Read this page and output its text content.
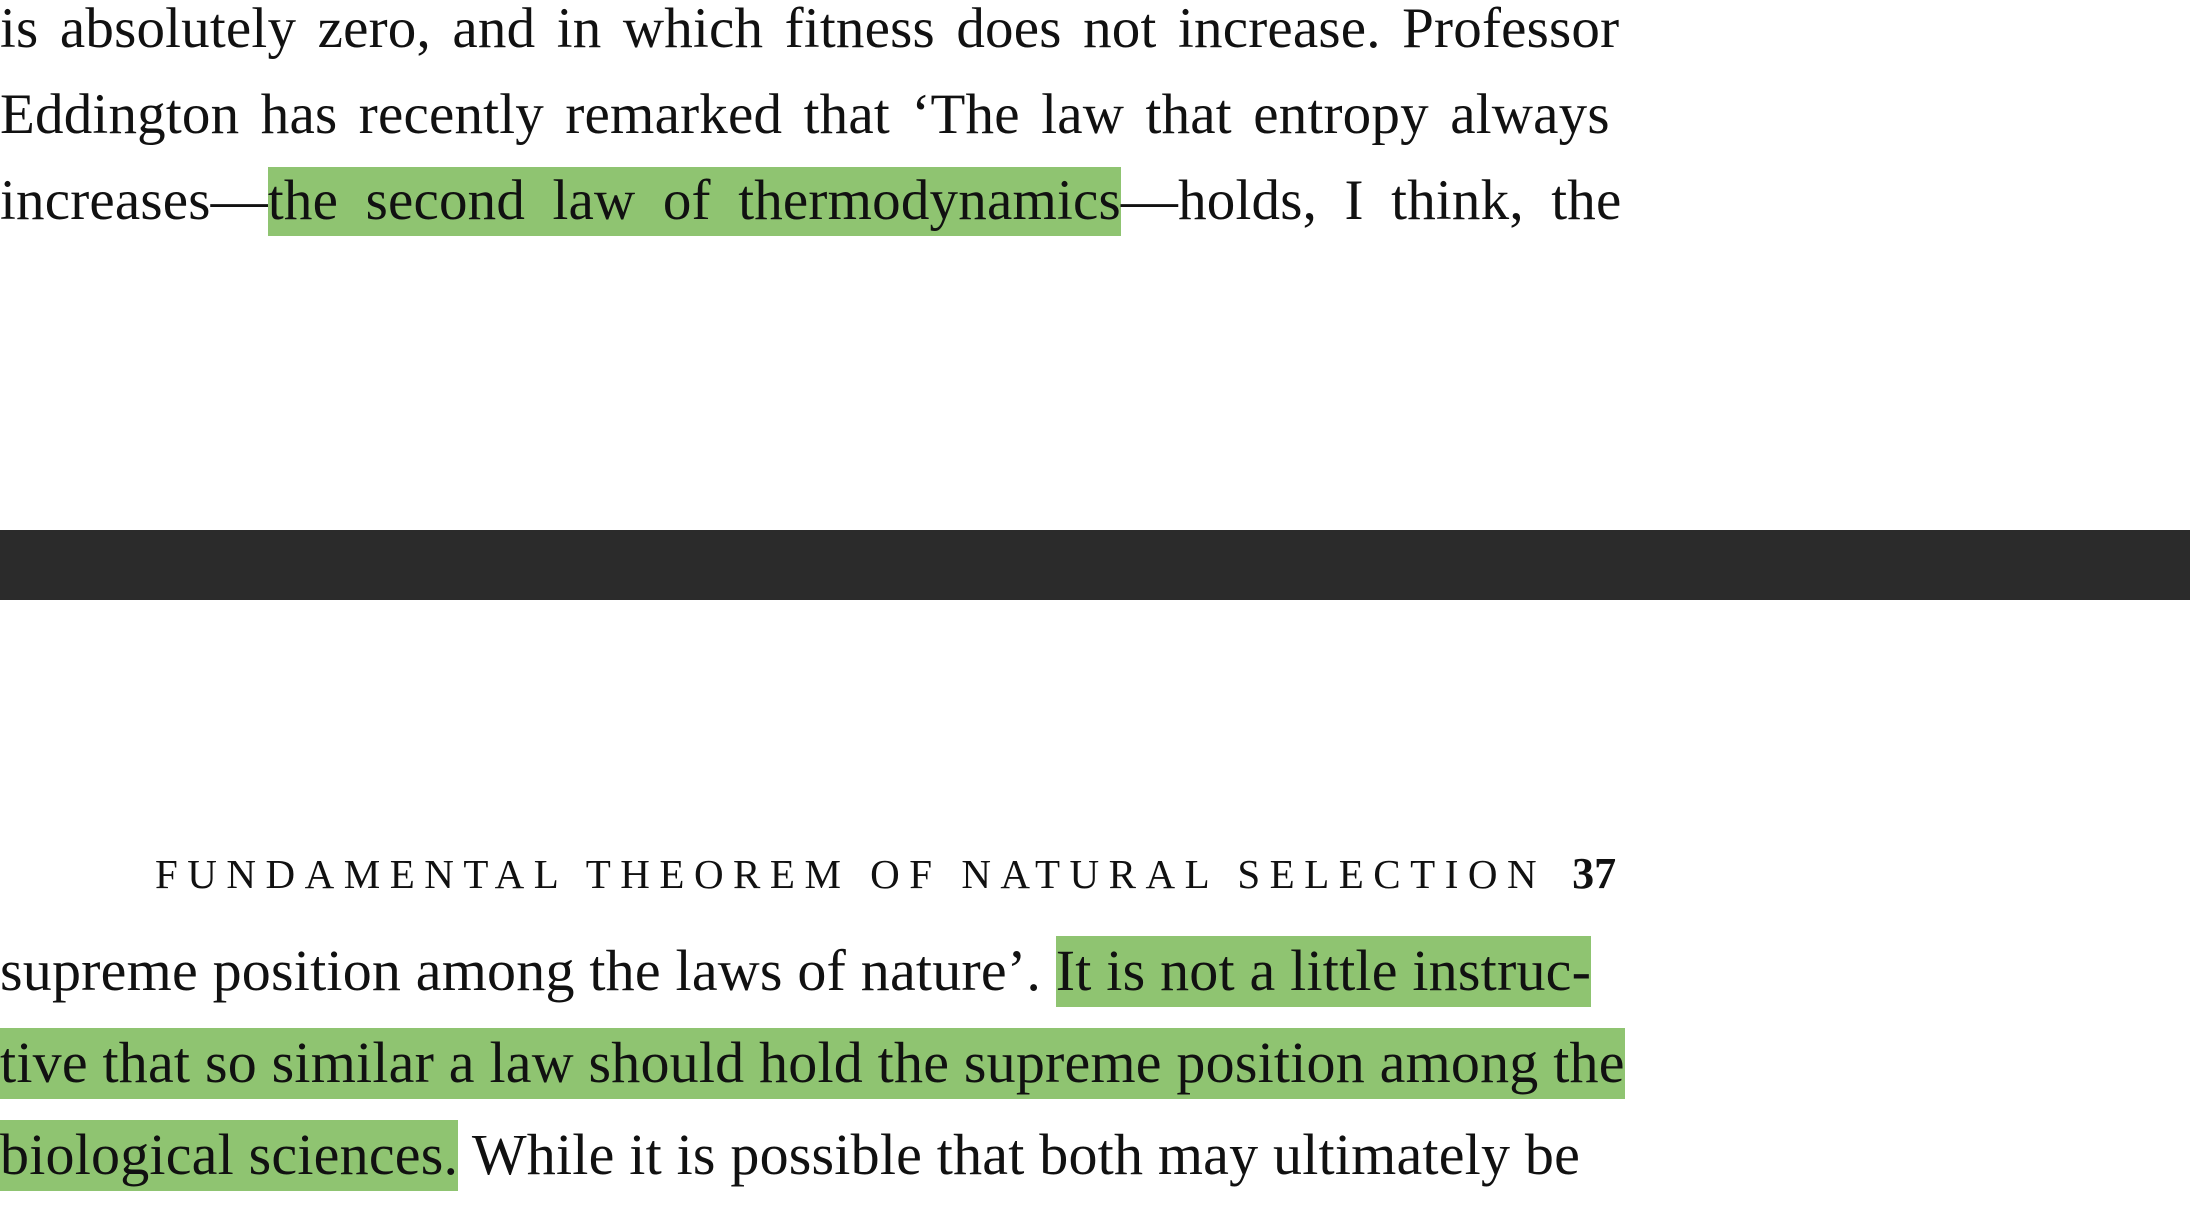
is absolutely zero, and in which fitness does not increase. Professor
Eddington has recently remarked that ‘The law that entropy always
increases—the second law of thermodynamics—holds, I think, the
FUNDAMENTAL THEOREM OF NATURAL SELECTION 37
supreme position among the laws of nature’. It is not a little instruc-
tive that so similar a law should hold the supreme position among the
biological sciences. While it is possible that both may ultimately be
